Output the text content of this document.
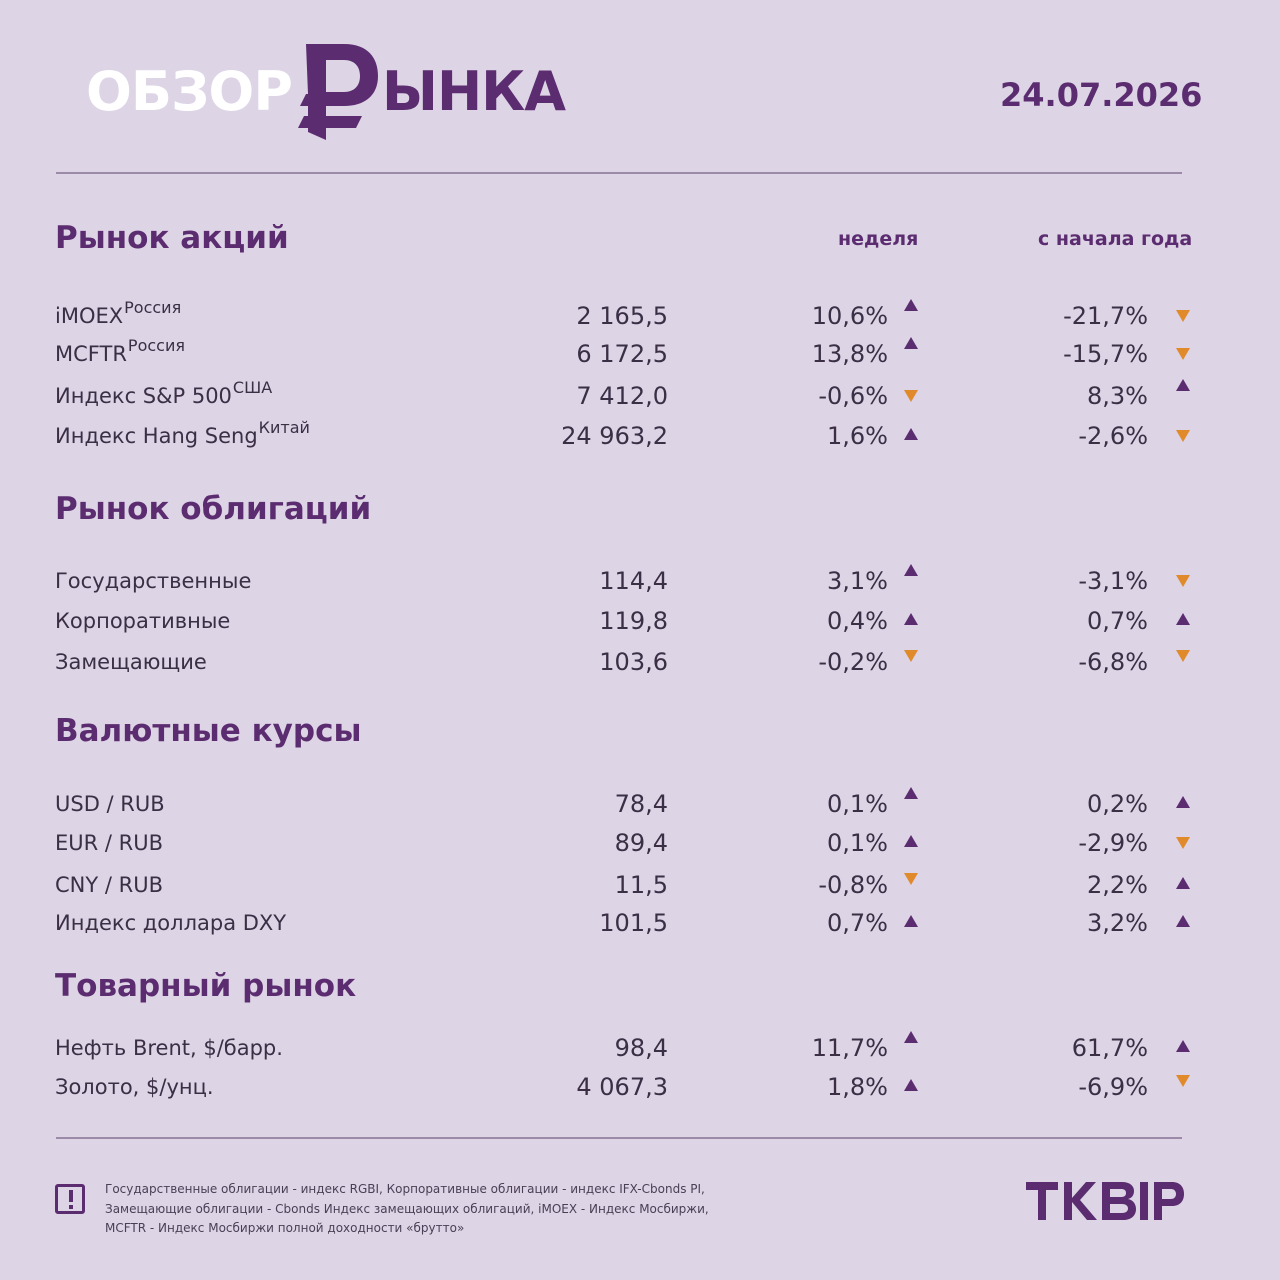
ОБЗОР ЫНКА	24.07.2026
Рынок акций	неделя	с начала года
iMOEX$^{Россия}$	2 165,5	10,6%	-21,7%
$MCFTR^{Россия}$	6 172,5	13,8%	-15,7%
Индекс S&P $500^{США}$	7 412,0	-0,6%	8,3%
Индекс Hang Seng$^{Китай}$	24 963,2	1,6%	-2,6%
Рынок облигаций
Государственные	114,4	3,1%	-3,1%
Корпоративные	119,8	0,4%	0,7%
Замещающие	103,6	-0,2%	-6,8%
Валютные курсы
USD / RUB	78,4	0,1%	0,2%
EUR / RUB	89,4	0,1%	-2,9%
CNY / RUB	11,5	-0,8%	2,2%
Индекс доллара DXY	101,5	0,7%	3,2%
Товарный рынок
Нефть Brent, $/барр.	98,4	11,7%	61,7%
Золото, $/унц.	4 067,3	1,8%	-6,9%
Государственные облигации - индекс RGBI, Корпоративные облигации - индекс IFX-Cbonds PI,
Замещающие облигации - Cbonds Индекс замещающих облигаций, iMOEX - Индекс Мосбиржи,
MCFTR - Индекс Мосбиржи полной доходности «брутто»
